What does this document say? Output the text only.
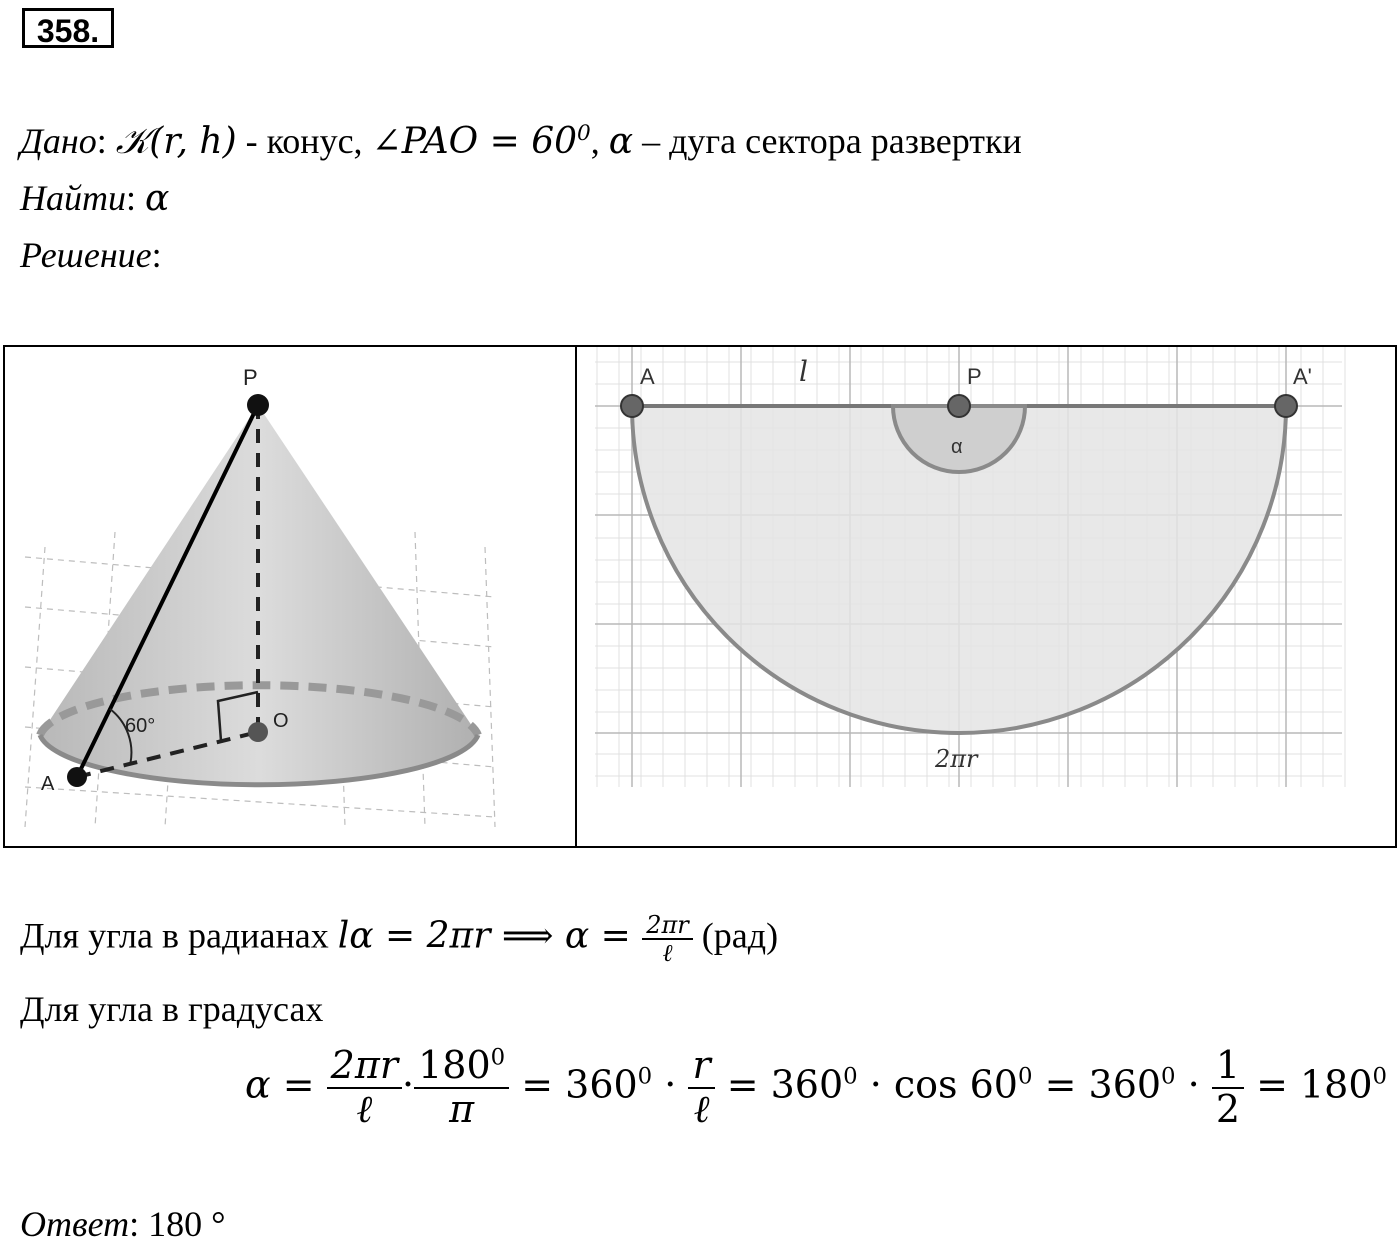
358.
Дано: 𝒦(r, h) - конус, ∠PAO = $60^0$, α – дуга сектора развертки
Найти: α
Решение:
P
O
A
60°
A	P	A'
l
α
2πr
Для угла в радианах lα = 2πr ⟹ $\alpha = \frac{2\pi r}{\text{ℓ}} (рад)$
Для угла в градусах
$\alpha = \frac{2\pi r}{\text{ℓ}} \cdot \frac{180^0}{\pi} = 360^0 \cdot \frac{r}{\text{ℓ}} = 360^0 \cdot \cos 60^0 = 360^0 \cdot \frac{1}{2} = 180^0$
Ответ: 180 °
